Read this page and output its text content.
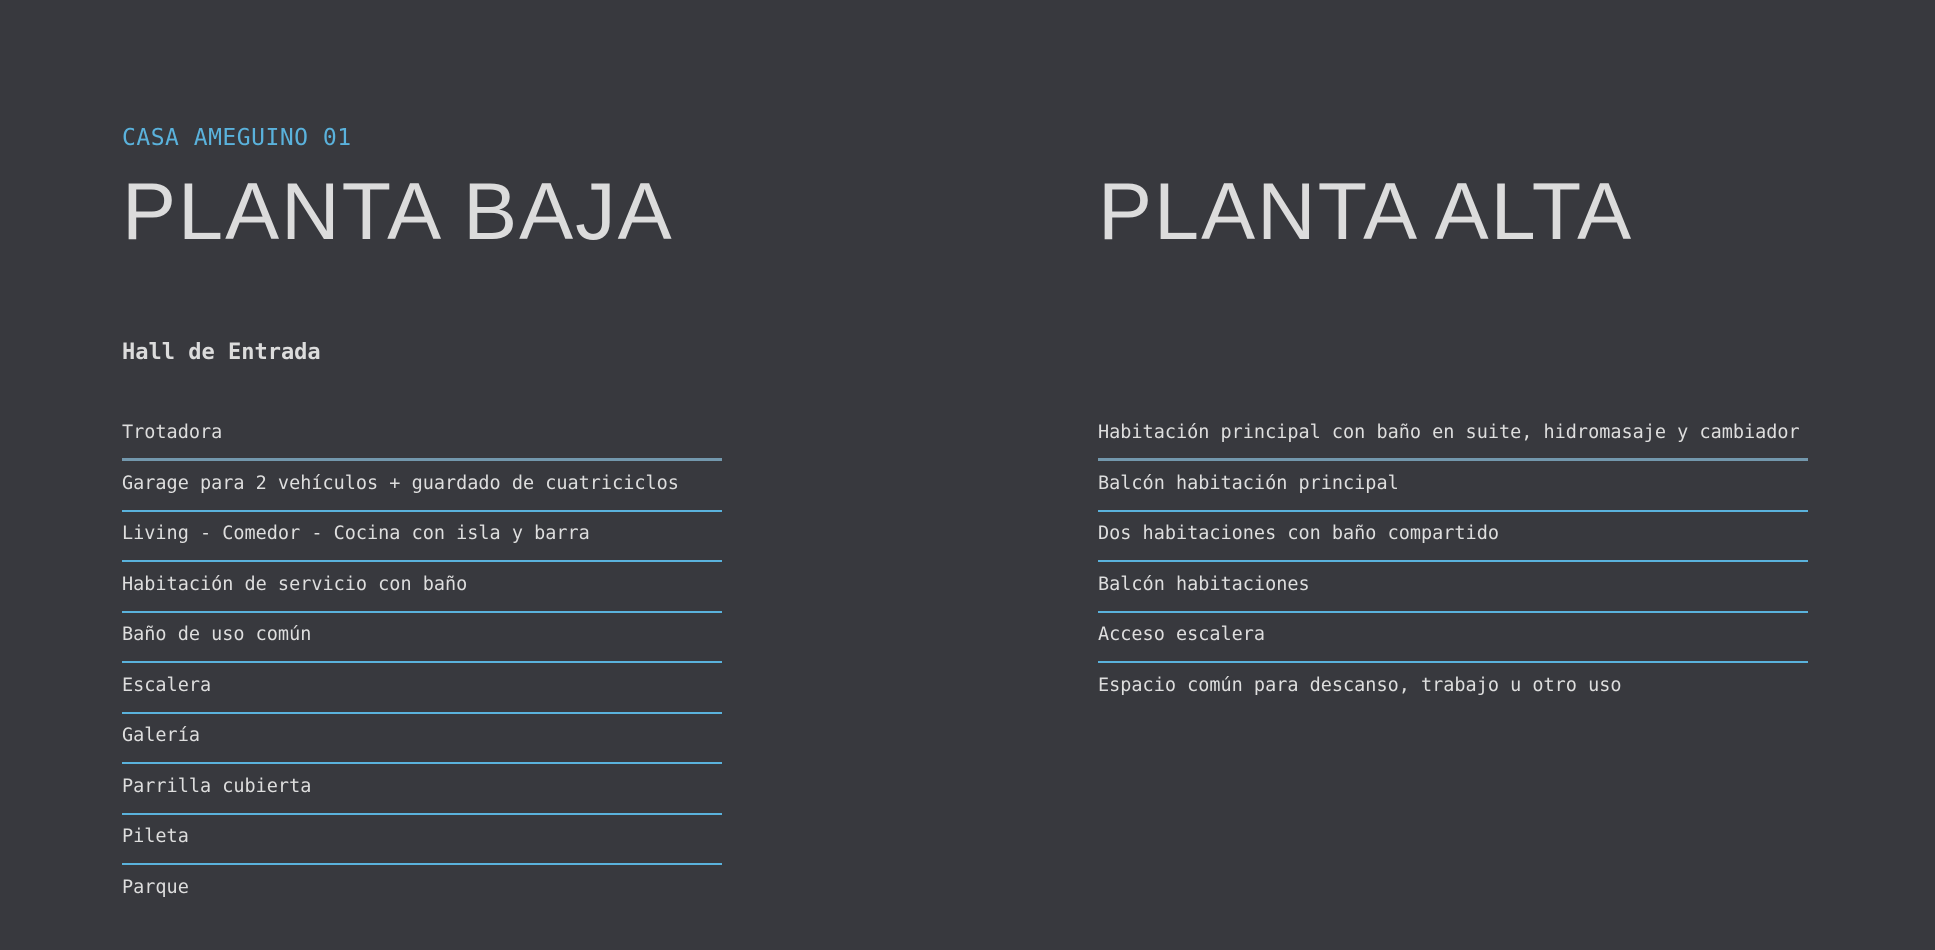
CASA AMEGUINO 01
PLANTA BAJA
Hall de Entrada
Trotadora
Garage para 2 vehículos + guardado de cuatriciclos
Living - Comedor - Cocina con isla y barra
Habitación de servicio con baño
Baño de uso común
Escalera
Galería
Parrilla cubierta
Pileta
Parque
PLANTA ALTA
Habitación principal con baño en suite, hidromasaje y cambiador
Balcón habitación principal
Dos habitaciones con baño compartido
Balcón habitaciones
Acceso escalera
Espacio común para descanso, trabajo u otro uso
